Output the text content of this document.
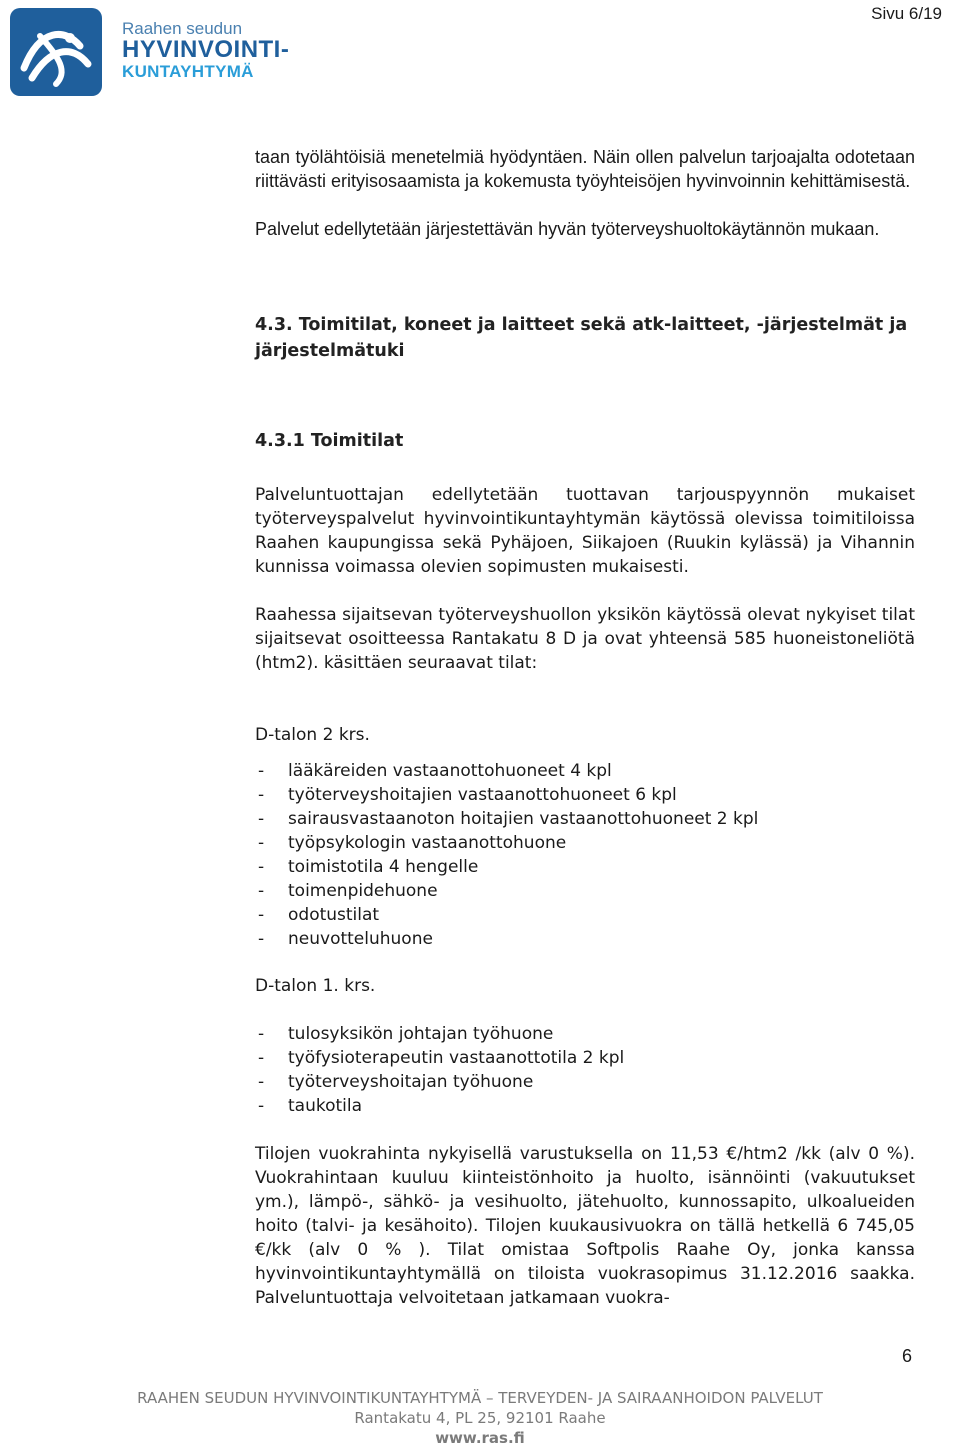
Sivu 6/19
Raahen seudun
HYVINVOINTI-
KUNTAYHTYMÄ
taan työlähtöisiä menetelmiä hyödyntäen. Näin ollen palvelun tarjoajalta odotetaan riittävästi erityisosaamista ja kokemusta työyhteisöjen hyvinvoinnin kehittämisestä.
Palvelut edellytetään järjestettävän hyvän työterveyshuoltokäytännön mukaan.
4.3. Toimitilat, koneet ja laitteet sekä atk-laitteet, -järjestelmät ja järjestelmätuki
4.3.1 Toimitilat
Palveluntuottajan edellytetään tuottavan tarjouspyynnön mukaiset työterveyspalvelut hyvinvointikuntayhtymän käytössä olevissa toimitiloissa Raahen kaupungissa sekä Pyhäjoen, Siikajoen (Ruukin kylässä) ja Vihannin kunnissa voimassa olevien sopimusten mukaisesti.
Raahessa sijaitsevan työterveyshuollon yksikön käytössä olevat nykyiset tilat sijaitsevat osoitteessa Rantakatu 8 D ja ovat yhteensä 585 huoneistoneliötä (htm2). käsittäen seuraavat tilat:
D-talon 2 krs.
- lääkäreiden vastaanottohuoneet 4 kpl
- työterveyshoitajien vastaanottohuoneet 6 kpl
- sairausvastaanoton hoitajien vastaanottohuoneet 2 kpl
- työpsykologin vastaanottohuone
- toimistotila 4 hengelle
- toimenpidehuone
- odotustilat
- neuvotteluhuone
D-talon 1. krs.
- tulosyksikön johtajan työhuone
- työfysioterapeutin vastaanottotila 2 kpl
- työterveyshoitajan työhuone
- taukotila
Tilojen vuokrahinta nykyisellä varustuksella on 11,53 €/htm2 /kk (alv 0 %). Vuokrahintaan kuuluu kiinteistönhoito ja huolto, isännöinti (vakuutukset ym.), lämpö-, sähkö- ja vesihuolto, jätehuolto, kunnossapito, ulkoalueiden hoito (talvi- ja kesähoito). Tilojen kuukausivuokra on tällä hetkellä 6 745,05 €/kk (alv 0 % ). Tilat omistaa Softpolis Raahe Oy, jonka kanssa hyvinvointikuntayhtymällä on tiloista vuokrasopimus 31.12.2016 saakka. Palveluntuottaja velvoitetaan jatkamaan vuokra-
6
RAAHEN SEUDUN HYVINVOINTIKUNTAYHTYMÄ – TERVEYDEN- JA SAIRAANHOIDON PALVELUT
Rantakatu 4, PL 25, 92101 Raahe
www.ras.fi
